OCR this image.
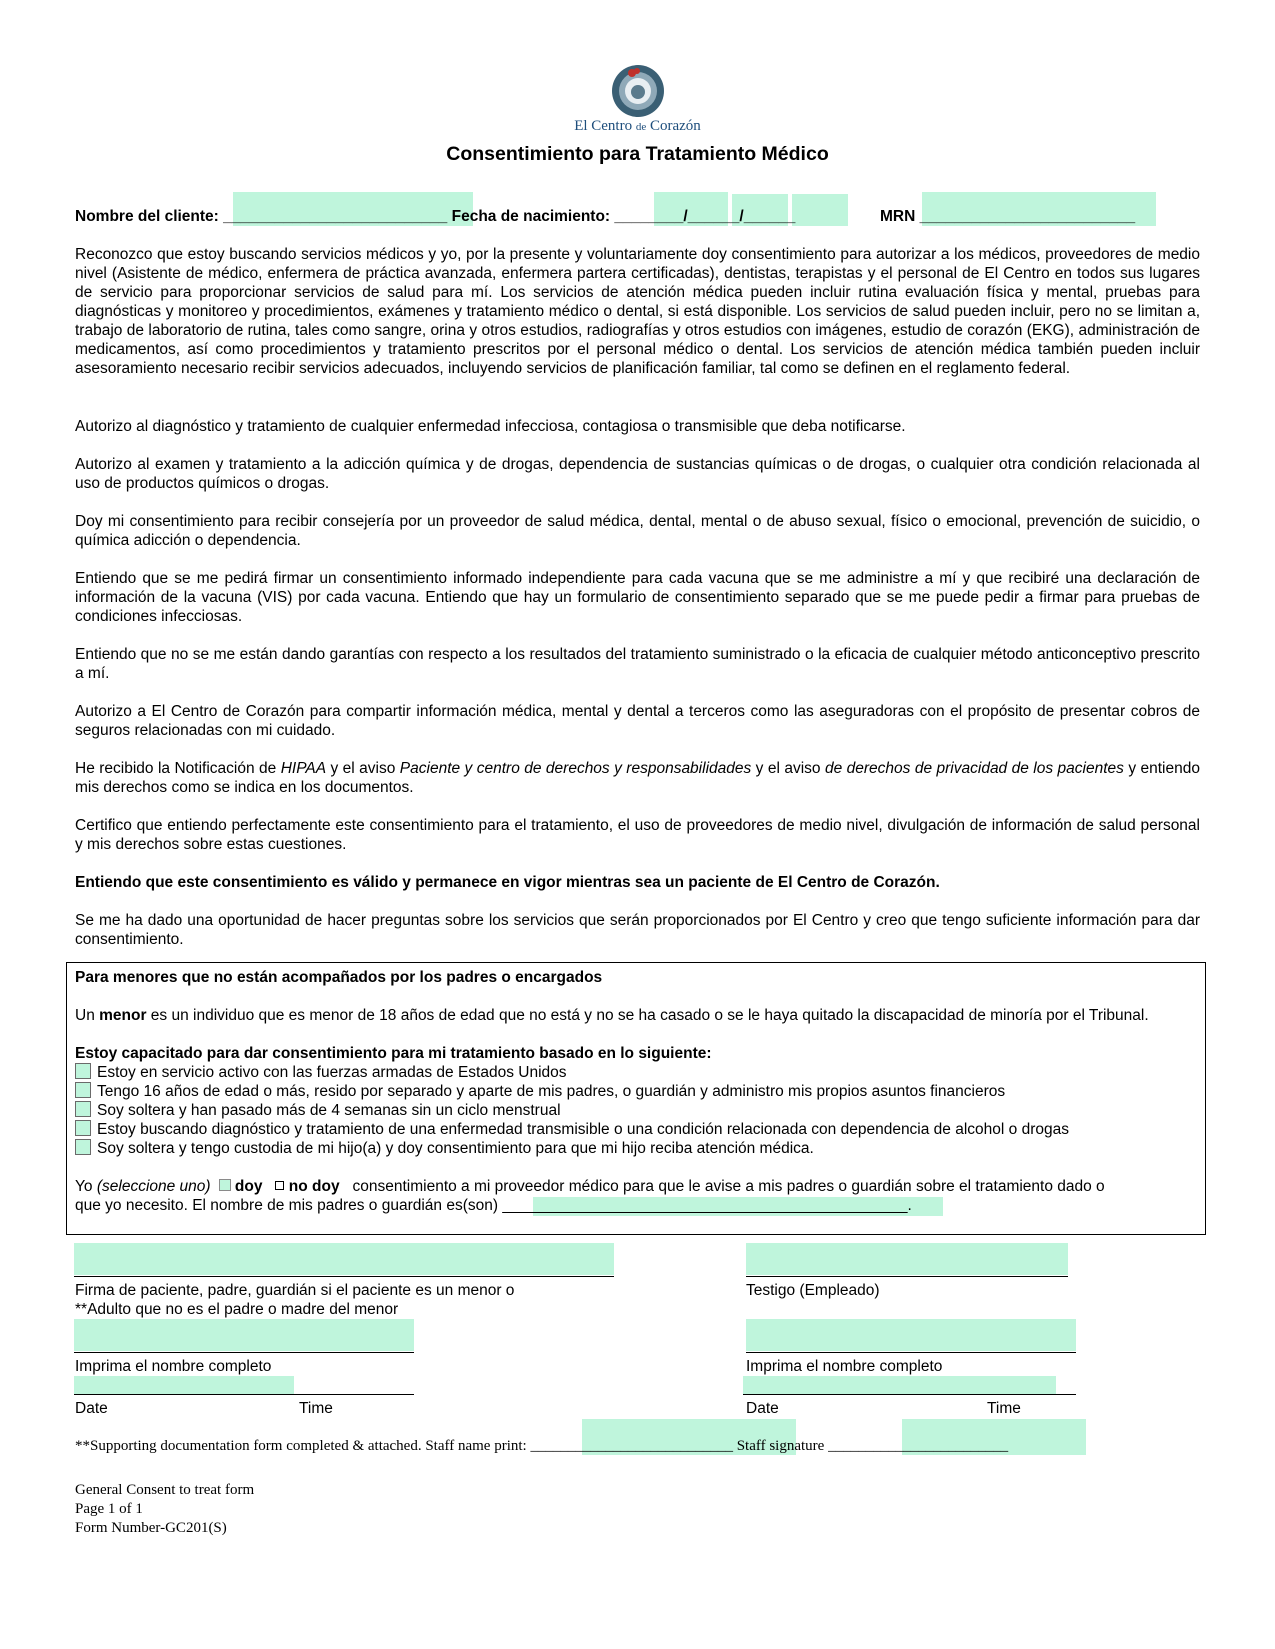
El Centro de Corazón
Consentimiento para Tratamiento Médico
Nombre del cliente: __________________________ Fecha de nacimiento: ________/______/______	MRN _________________________

Reconozco que estoy buscando servicios médicos y yo, por la presente y voluntariamente doy consentimiento para autorizar a los médicos, proveedores de medio nivel (Asistente de médico, enfermera de práctica avanzada, enfermera partera certificadas), dentistas, terapistas y el personal de El Centro en todos sus lugares de servicio para proporcionar servicios de salud para mí. Los servicios de atención médica pueden incluir rutina evaluación física y mental, pruebas para diagnósticas y monitoreo y procedimientos, exámenes y tratamiento médico o dental, si está disponible. Los servicios de salud pueden incluir, pero no se limitan a, trabajo de laboratorio de rutina, tales como sangre, orina y otros estudios, radiografías y otros estudios con imágenes, estudio de corazón (EKG), administración de medicamentos, así como procedimientos y tratamiento prescritos por el personal médico o dental. Los servicios de atención médica también pueden incluir asesoramiento necesario recibir servicios adecuados, incluyendo servicios de planificación familiar, tal como se definen en el reglamento federal.

Autorizo al diagnóstico y tratamiento de cualquier enfermedad infecciosa, contagiosa o transmisible que deba notificarse.

Autorizo al examen y tratamiento a la adicción química y de drogas, dependencia de sustancias químicas o de drogas, o cualquier otra condición relacionada al uso de productos químicos o drogas.

Doy mi consentimiento para recibir consejería por un proveedor de salud médica, dental, mental o de abuso sexual, físico o emocional, prevención de suicidio, o química adicción o dependencia.

Entiendo que se me pedirá firmar un consentimiento informado independiente para cada vacuna que se me administre a mí y que recibiré una declaración de información de la vacuna (VIS) por cada vacuna. Entiendo que hay un formulario de consentimiento separado que se me puede pedir a firmar para pruebas de condiciones infecciosas.

Entiendo que no se me están dando garantías con respecto a los resultados del tratamiento suministrado o la eficacia de cualquier método anticonceptivo prescrito a mí.

Autorizo a El Centro de Corazón para compartir información médica, mental y dental a terceros como las aseguradoras con el propósito de presentar cobros de seguros relacionadas con mi cuidado.

He recibido la Notificación de HIPAA y el aviso Paciente y centro de derechos y responsabilidades y el aviso de derechos de privacidad de los pacientes y entiendo mis derechos como se indica en los documentos.

Certifico que entiendo perfectamente este consentimiento para el tratamiento, el uso de proveedores de medio nivel, divulgación de información de salud personal y mis derechos sobre estas cuestiones.

Entiendo que este consentimiento es válido y permanece en vigor mientras sea un paciente de El Centro de Corazón.

Se me ha dado una oportunidad de hacer preguntas sobre los servicios que serán proporcionados por El Centro y creo que tengo suficiente información para dar consentimiento.

Para menores que no están acompañados por los padres o encargados

Un menor es un individuo que es menor de 18 años de edad que no está y no se ha casado o se le haya quitado la discapacidad de minoría por el Tribunal.

Estoy capacitado para dar consentimiento para mi tratamiento basado en lo siguiente:
Estoy en servicio activo con las fuerzas armadas de Estados Unidos
Tengo 16 años de edad o más, resido por separado y aparte de mis padres, o guardián y administro mis propios asuntos financieros
Soy soltera y han pasado más de 4 semanas sin un ciclo menstrual
Estoy buscando diagnóstico y tratamiento de una enfermedad transmisible o una condición relacionada con dependencia de alcohol o drogas
Soy soltera y tengo custodia de mi hijo(a) y doy consentimiento para que mi hijo reciba atención médica.
Yo (seleccione uno) doy no doy consentimiento a mi proveedor médico para que le avise a mis padres o guardián sobre el tratamiento dado o
que yo necesito. El nombre de mis padres o guardián es(son) _______________________________________________.
Firma de paciente, padre, guardián si el paciente es un menor o
**Adulto que no es el padre o madre del menor
Testigo (Empleado)
Imprima el nombre completo	Imprima el nombre completo
Date	Time	Date	Time
**Supporting documentation form completed & attached. Staff name print: ___________________________ Staff signature ________________________
General Consent to treat form
Page 1 of 1
Form Number-GC201(S)
